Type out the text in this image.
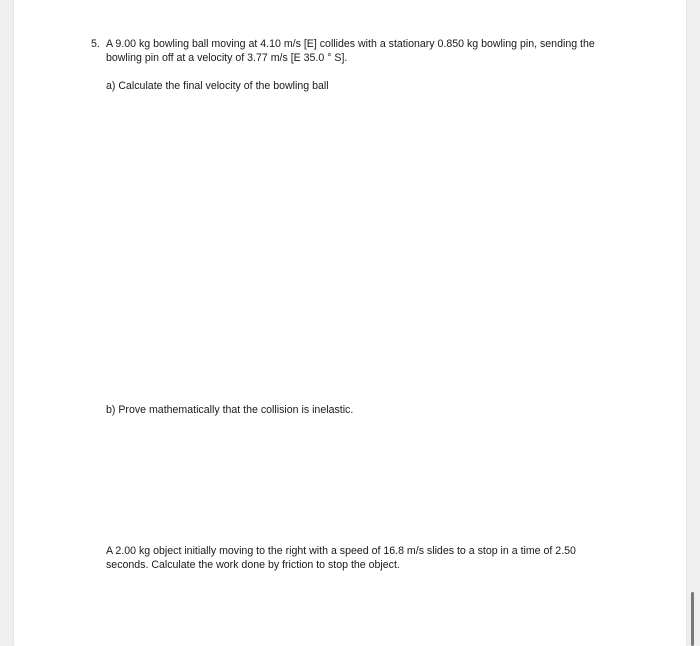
5. A 9.00 kg bowling ball moving at 4.10 m/s [E] collides with a stationary 0.850 kg bowling pin, sending the
bowling pin off at a velocity of 3.77 m/s [E 35.0 ° S].
a) Calculate the final velocity of the bowling ball
b) Prove mathematically that the collision is inelastic.
A 2.00 kg object initially moving to the right with a speed of 16.8 m/s slides to a stop in a time of 2.50
seconds. Calculate the work done by friction to stop the object.
